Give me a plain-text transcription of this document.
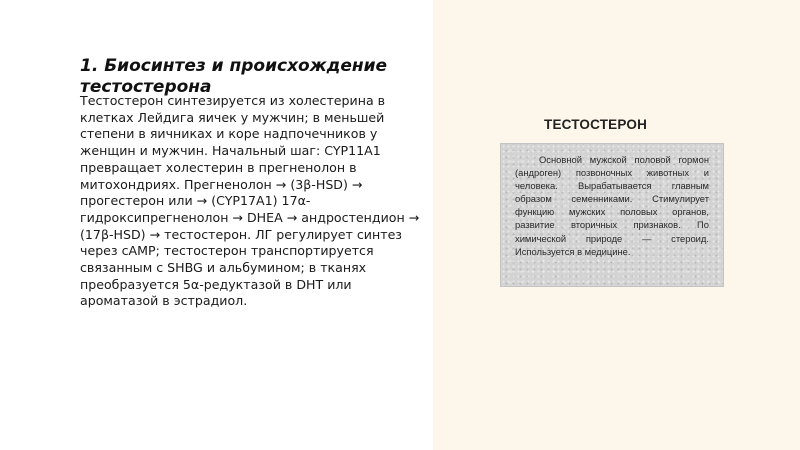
1. Биосинтез и происхождение тестостерона

Тестостерон синтезируется из холестерина в клетках Лейдига яичек у мужчин; в меньшей степени в яичниках и коре надпочечников у женщин и мужчин. Начальный шаг: CYP11A1 превращает холестерин в прегненолон в митохондриях. Прегненолон → (3β-HSD) → прогестерон или → (CYP17A1) 17α-гидроксипрегненолон → DHEA → андростендион → (17β-HSD) → тестостерон. ЛГ регулирует синтез через cAMP; тестостерон транспортируется связанным с SHBG и альбумином; в тканях преобразуется 5α-редуктазой в DHT или ароматазой в эстрадиол.

ТЕСТОСТЕРОН

Основной мужской половой гормон (андроген) позвоночных животных и человека. Вырабатывается главным образом семенниками. Стимулирует функцию мужских половых органов, развитие вторичных признаков. По химической природе — стероид. Используется в медицине.
